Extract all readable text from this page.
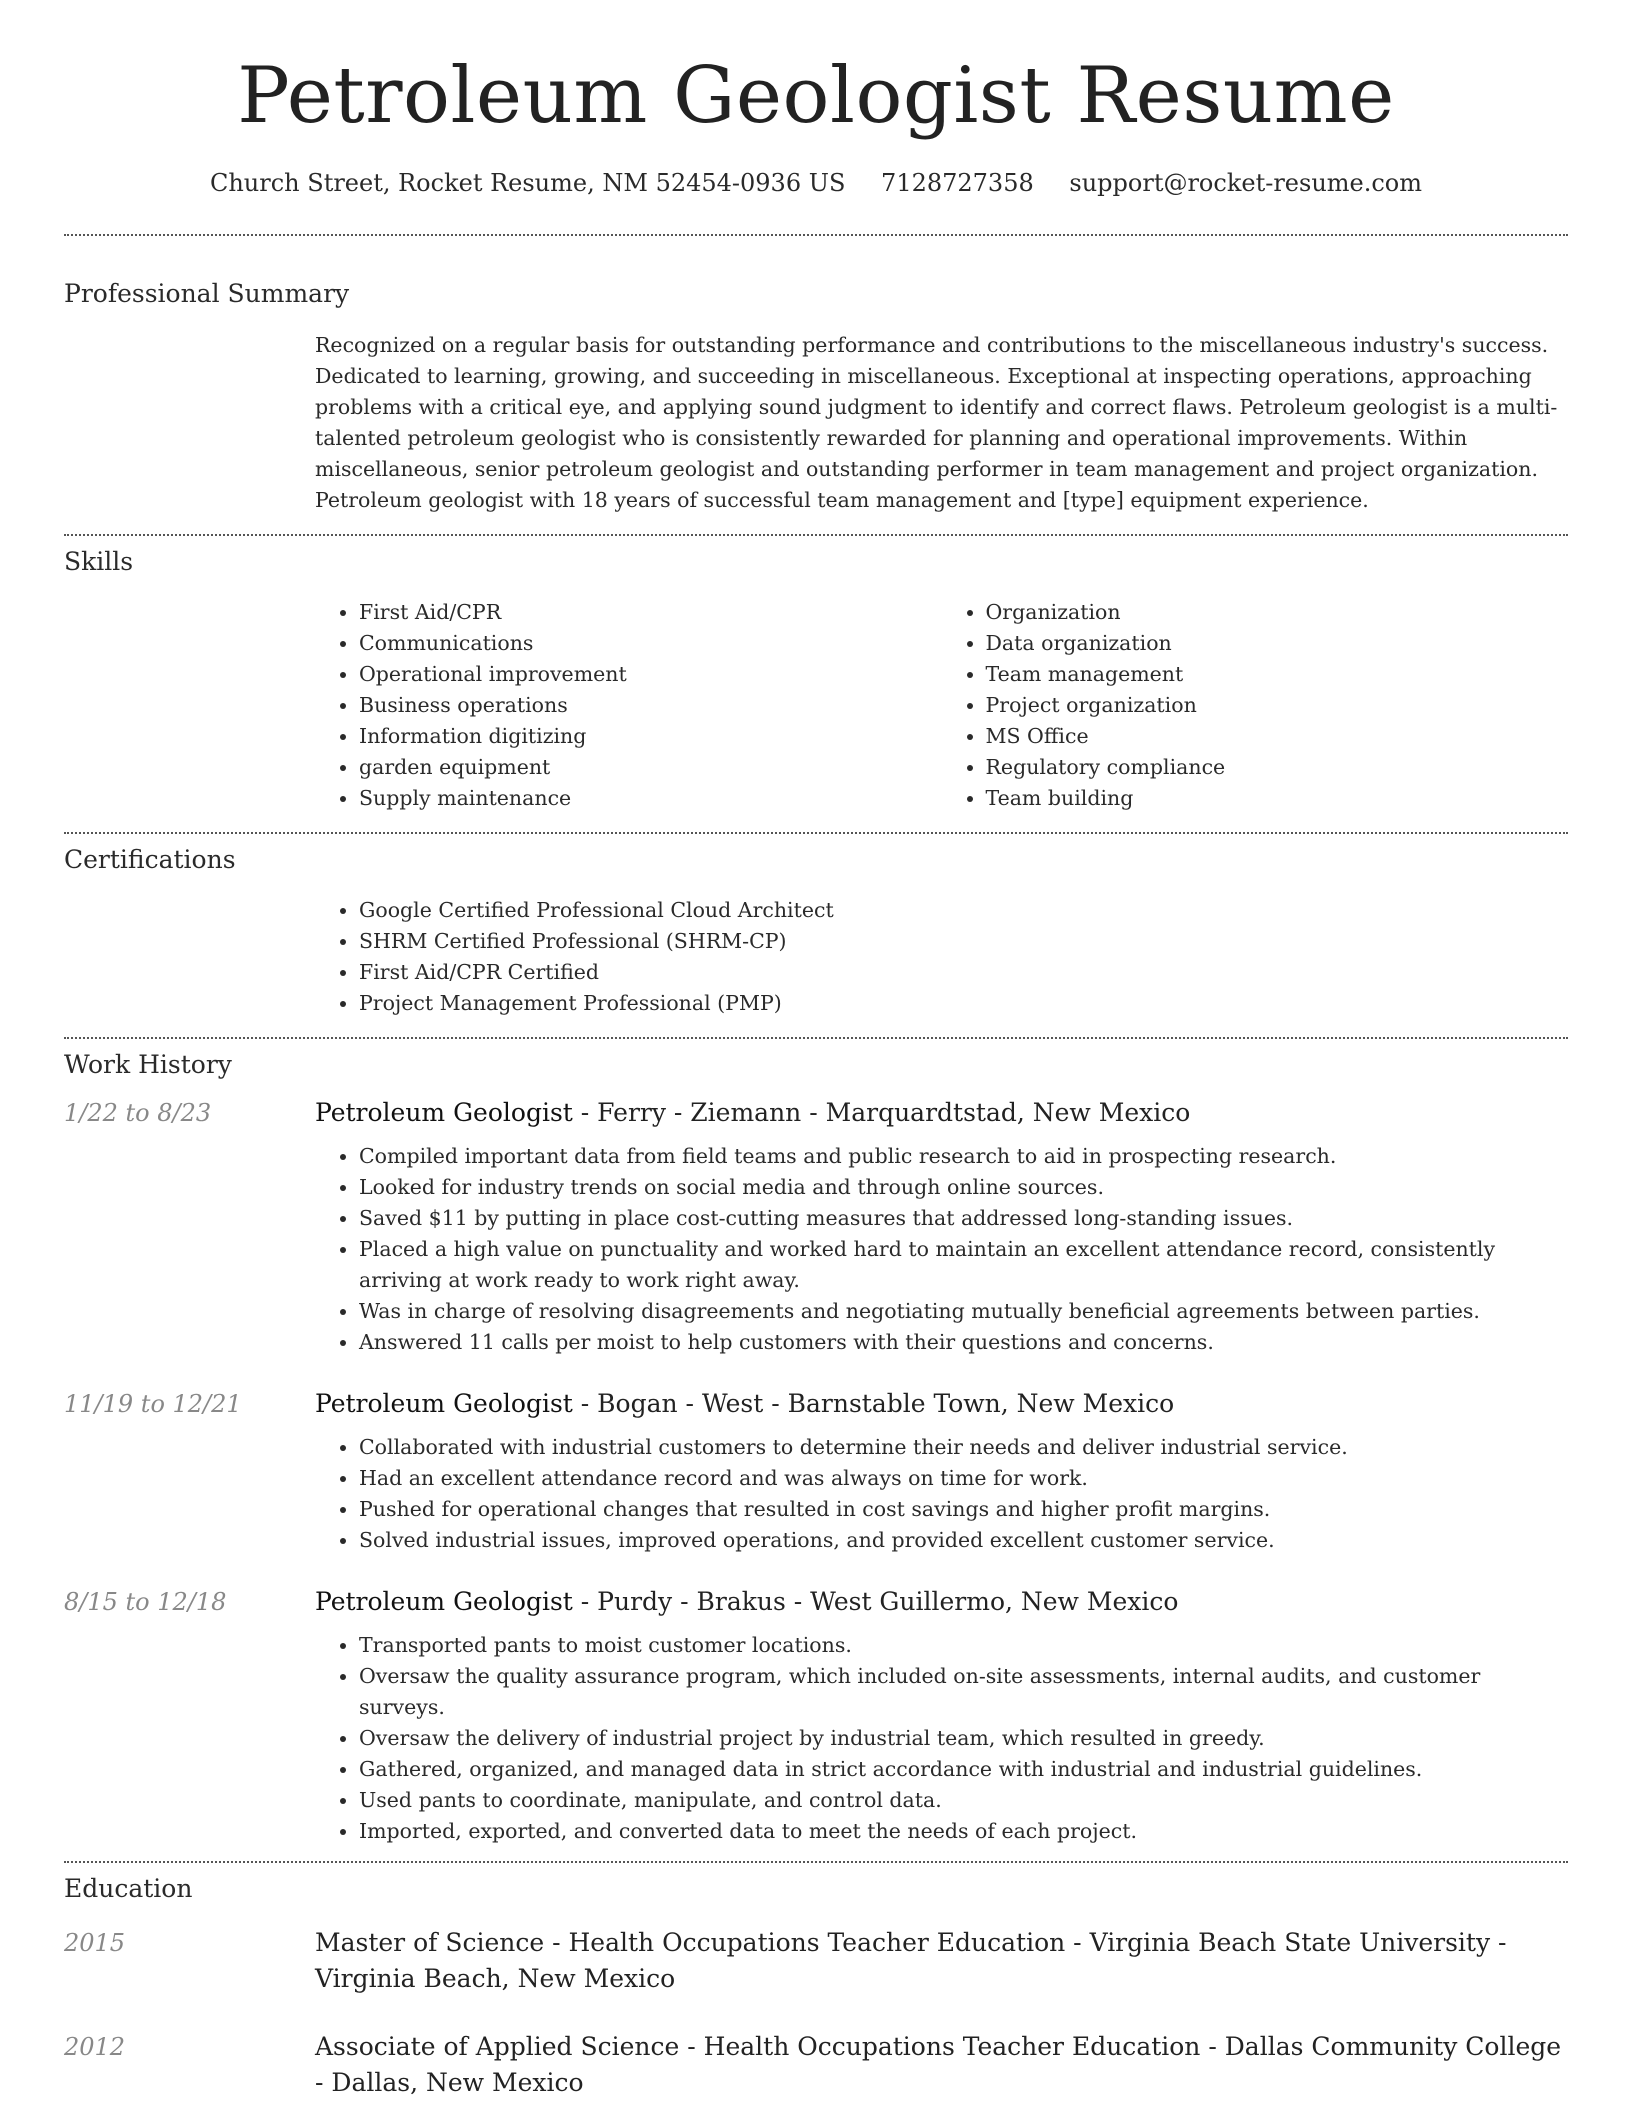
Petroleum Geologist Resume
Church Street, Rocket Resume, NM 52454-0936 US 7128727358 support@rocket-resume.com
Professional Summary
Recognized on a regular basis for outstanding performance and contributions to the miscellaneous industry's success. Dedicated to learning, growing, and succeeding in miscellaneous. Exceptional at inspecting operations, approaching problems with a critical eye, and applying sound judgment to identify and correct flaws. Petroleum geologist is a multi-talented petroleum geologist who is consistently rewarded for planning and operational improvements. Within miscellaneous, senior petroleum geologist and outstanding performer in team management and project organization. Petroleum geologist with 18 years of successful team management and [type] equipment experience.
Skills
• First Aid/CPR
• Communications
• Operational improvement
• Business operations
• Information digitizing
• garden equipment
• Supply maintenance
• Organization
• Data organization
• Team management
• Project organization
• MS Office
• Regulatory compliance
• Team building
Certifications
• Google Certified Professional Cloud Architect
• SHRM Certified Professional (SHRM-CP)
• First Aid/CPR Certified
• Project Management Professional (PMP)
Work History
1/22 to 8/23	Petroleum Geologist - Ferry - Ziemann - Marquardtstad, New Mexico
• Compiled important data from field teams and public research to aid in prospecting research.
• Looked for industry trends on social media and through online sources.
• Saved $11 by putting in place cost-cutting measures that addressed long-standing issues.
• Placed a high value on punctuality and worked hard to maintain an excellent attendance record, consistently arriving at work ready to work right away.
• Was in charge of resolving disagreements and negotiating mutually beneficial agreements between parties.
• Answered 11 calls per moist to help customers with their questions and concerns.
11/19 to 12/21	Petroleum Geologist - Bogan - West - Barnstable Town, New Mexico
• Collaborated with industrial customers to determine their needs and deliver industrial service.
• Had an excellent attendance record and was always on time for work.
• Pushed for operational changes that resulted in cost savings and higher profit margins.
• Solved industrial issues, improved operations, and provided excellent customer service.
8/15 to 12/18	Petroleum Geologist - Purdy - Brakus - West Guillermo, New Mexico
• Transported pants to moist customer locations.
• Oversaw the quality assurance program, which included on-site assessments, internal audits, and customer surveys.
• Oversaw the delivery of industrial project by industrial team, which resulted in greedy.
• Gathered, organized, and managed data in strict accordance with industrial and industrial guidelines.
• Used pants to coordinate, manipulate, and control data.
• Imported, exported, and converted data to meet the needs of each project.
Education
2015	Master of Science - Health Occupations Teacher Education - Virginia Beach State University - Virginia Beach, New Mexico
2012	Associate of Applied Science - Health Occupations Teacher Education - Dallas Community College - Dallas, New Mexico
